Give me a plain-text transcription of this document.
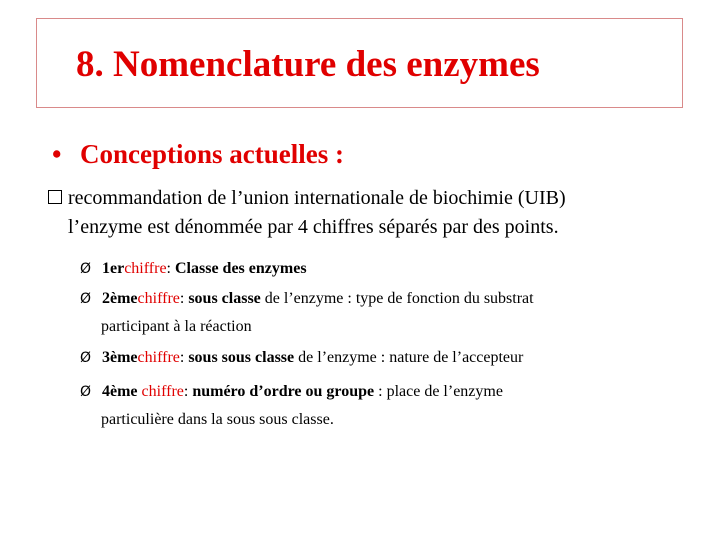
8. Nomenclature des enzymes
• Conceptions actuelles :
recommandation de l’union internationale de biochimie (UIB)
l’enzyme est dénommée par 4 chiffres séparés par des points.
Ø 1erchiffre: Classe des enzymes
Ø 2èmechiffre: sous classe de l’enzyme : type de fonction du substrat
participant à la réaction
Ø 3èmechiffre: sous sous classe de l’enzyme : nature de l’accepteur
Ø 4ème chiffre: numéro d’ordre ou groupe : place de l’enzyme
particulière dans la sous sous classe.
